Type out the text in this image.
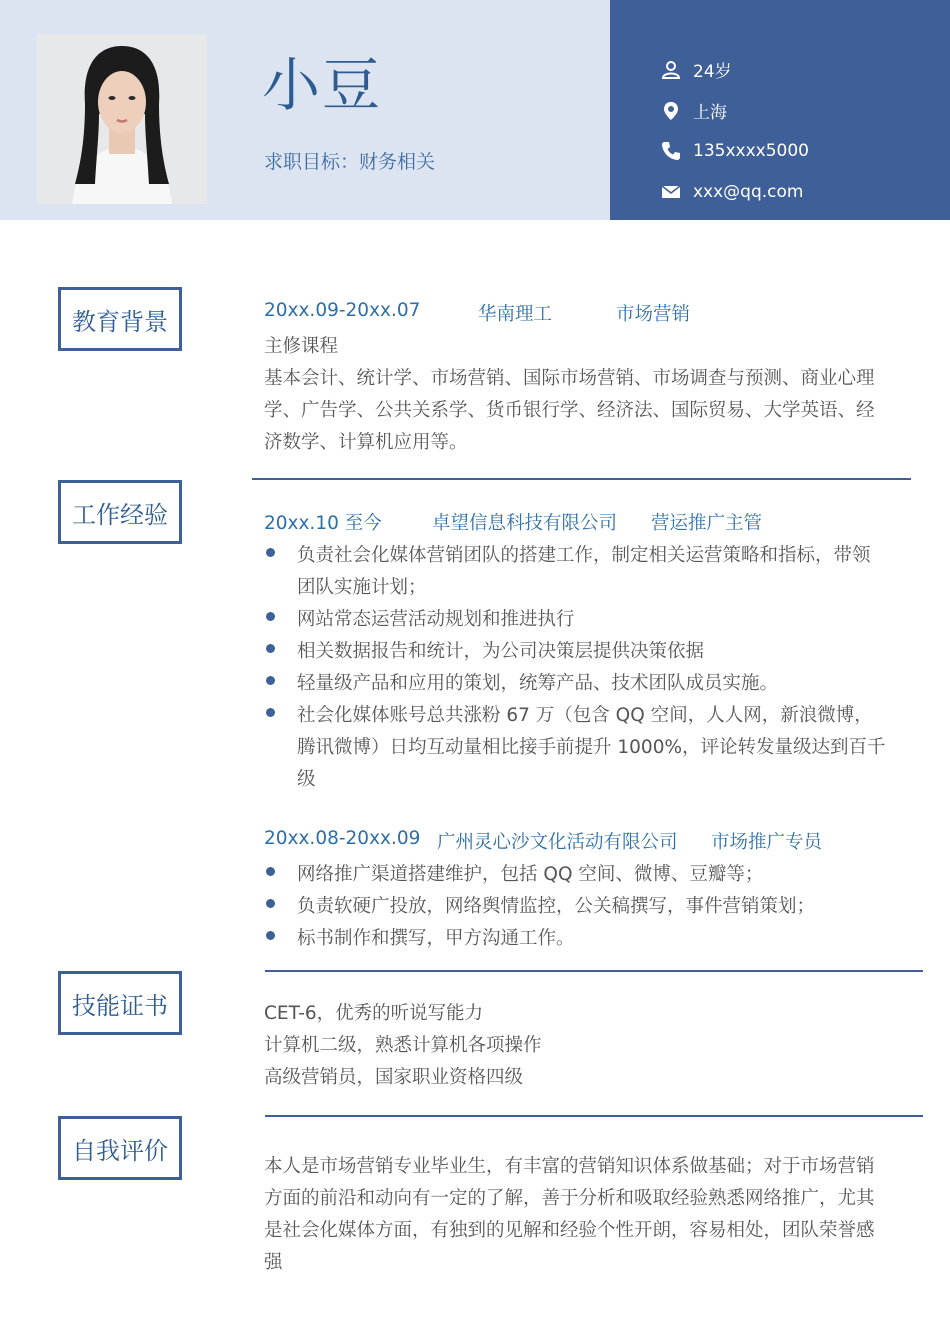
小豆
求职目标：财务相关
24岁
上海
135xxxx5000
xxx@qq.com
教育背景	20xx.09-20xx.07	华南理工	市场营销
主修课程
基本会计、统计学、市场营销、国际市场营销、市场调查与预测、商业心理
学、广告学、公共关系学、货币银行学、经济法、国际贸易、大学英语、经
济数学、计算机应用等。
工作经验	20xx.10 至今	卓望信息科技有限公司 营运推广主管
负责社会化媒体营销团队的搭建工作，制定相关运营策略和指标，带领
团队实施计划；
网站常态运营活动规划和推进执行
相关数据报告和统计，为公司决策层提供决策依据
轻量级产品和应用的策划，统筹产品、技术团队成员实施。
社会化媒体账号总共涨粉 67 万（包含 QQ 空间，人人网，新浪微博，
腾讯微博）日均互动量相比接手前提升 1000%，评论转发量级达到百千
级
20xx.08-20xx.09 广州灵心沙文化活动有限公司 市场推广专员
网络推广渠道搭建维护，包括 QQ 空间、微博、豆瓣等；
负责软硬广投放，网络舆情监控，公关稿撰写，事件营销策划；
标书制作和撰写，甲方沟通工作。
技能证书	CET-6，优秀的听说写能力
计算机二级，熟悉计算机各项操作
高级营销员，国家职业资格四级
自我评价
本人是市场营销专业毕业生，有丰富的营销知识体系做基础；对于市场营销
方面的前沿和动向有一定的了解，善于分析和吸取经验熟悉网络推广，尤其
是社会化媒体方面，有独到的见解和经验个性开朗，容易相处，团队荣誉感
强
